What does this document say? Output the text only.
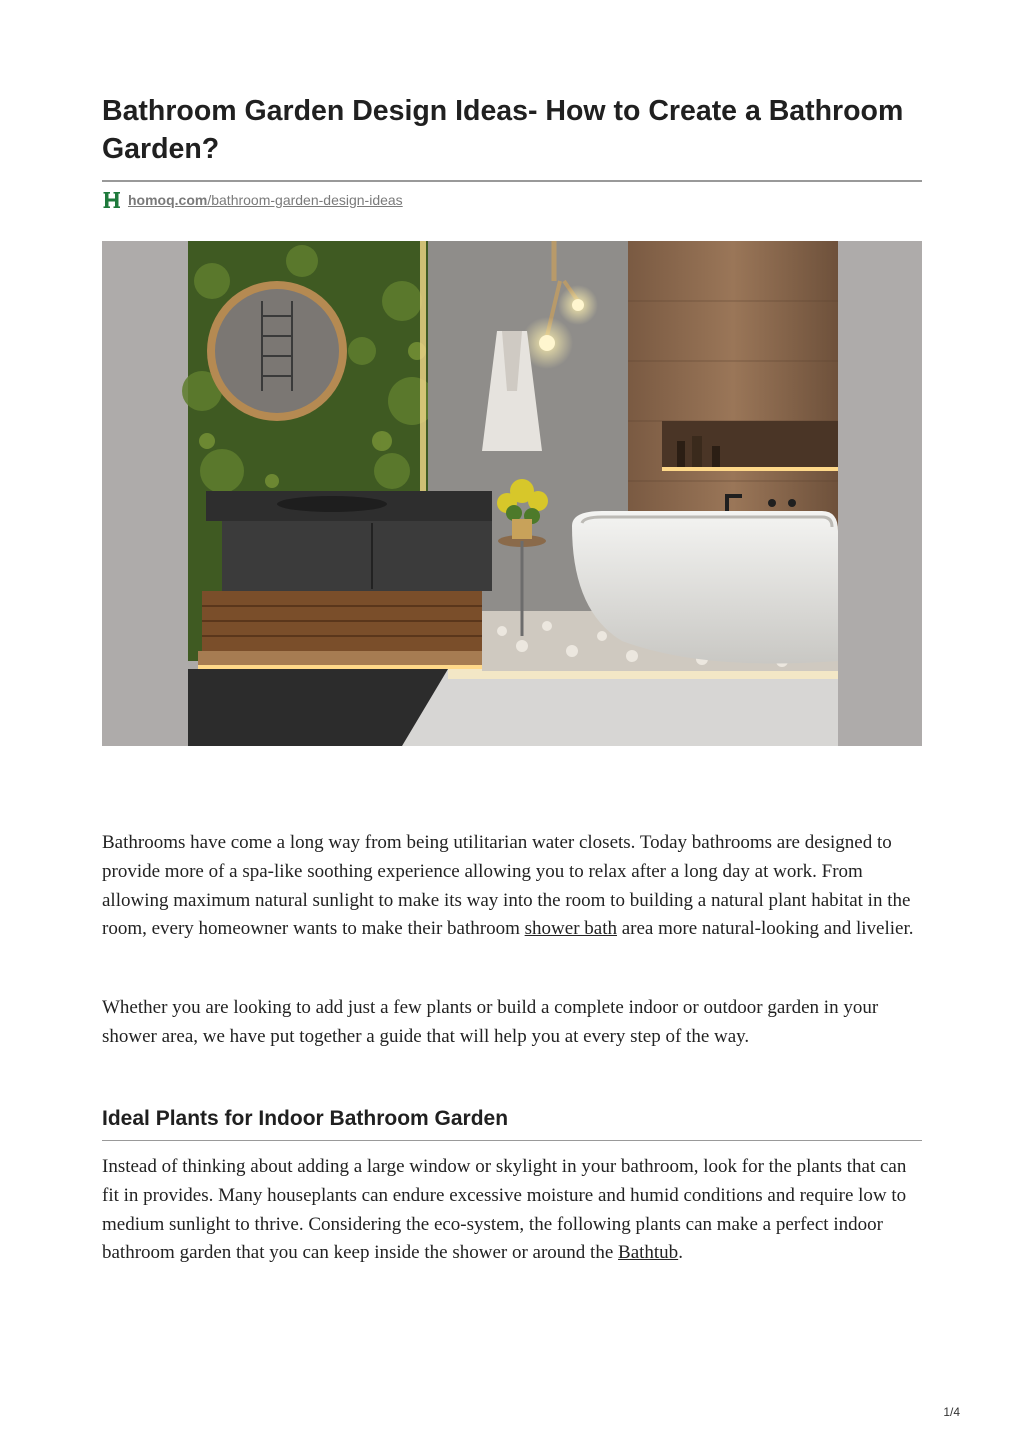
Bathroom Garden Design Ideas- How to Create a Bathroom Garden?
homoq.com /bathroom-garden-design-ideas

Bathrooms have come a long way from being utilitarian water closets. Today bathrooms are designed to provide more of a spa-like soothing experience allowing you to relax after a long day at work. From allowing maximum natural sunlight to make its way into the room to building a natural plant habitat in the room, every homeowner wants to make their bathroom shower bath area more natural-looking and livelier.

Whether you are looking to add just a few plants or build a complete indoor or outdoor garden in your shower area, we have put together a guide that will help you at every step of the way.

Ideal Plants for Indoor Bathroom Garden

Instead of thinking about adding a large window or skylight in your bathroom, look for the plants that can fit in provides. Many houseplants can endure excessive moisture and humid conditions and require low to medium sunlight to thrive. Considering the eco-system, the following plants can make a perfect indoor bathroom garden that you can keep inside the shower or around the Bathtub.

1/4
